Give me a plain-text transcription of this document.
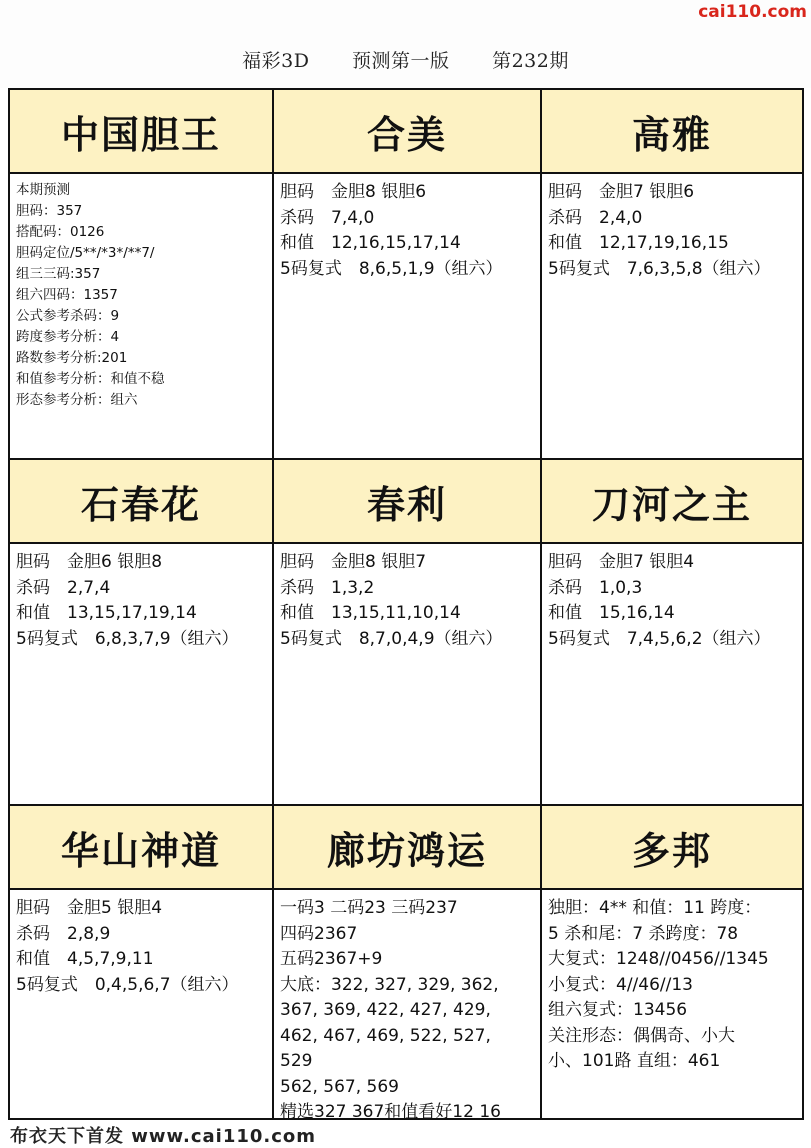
cai110.com
福彩3D 预测第一版 第232期
中国胆王
本期预测
胆码：357
搭配码：0126
胆码定位/5**/*3*/**7/
组三三码:357
组六四码：1357
公式参考杀码：9
跨度参考分析：4
路数参考分析:201
和值参考分析：和值不稳
形态参考分析：组六
合美
胆码　金胆8 银胆6
杀码　7,4,0
和值　12,16,15,17,14
5码复式　8,6,5,1,9（组六）
高雅
胆码　金胆7 银胆6
杀码　2,4,0
和值　12,17,19,16,15
5码复式　7,6,3,5,8（组六）
石春花
胆码　金胆6 银胆8
杀码　2,7,4
和值　13,15,17,19,14
5码复式　6,8,3,7,9（组六）
春利
胆码　金胆8 银胆7
杀码　1,3,2
和值　13,15,11,10,14
5码复式　8,7,0,4,9（组六）
刀河之主
胆码　金胆7 银胆4
杀码　1,0,3
和值　15,16,14
5码复式　7,4,5,6,2（组六）
华山神道
胆码　金胆5 银胆4
杀码　2,8,9
和值　4,5,7,9,11
5码复式　0,4,5,6,7（组六）
廊坊鸿运
一码3 二码23 三码237
四码2367
五码2367+9
大底：322, 327, 329, 362,
367, 369, 422, 427, 429,
462, 467, 469, 522, 527,
529
562, 567, 569
精选327 367和值看好12 16
多邦
独胆：4** 和值：11 跨度：
5 杀和尾：7 杀跨度：78
大复式：1248//0456//1345
小复式：4//46//13
组六复式：13456
关注形态：偶偶奇、小大
小、101路 直组：461
布衣天下首发 www.cai110.com
